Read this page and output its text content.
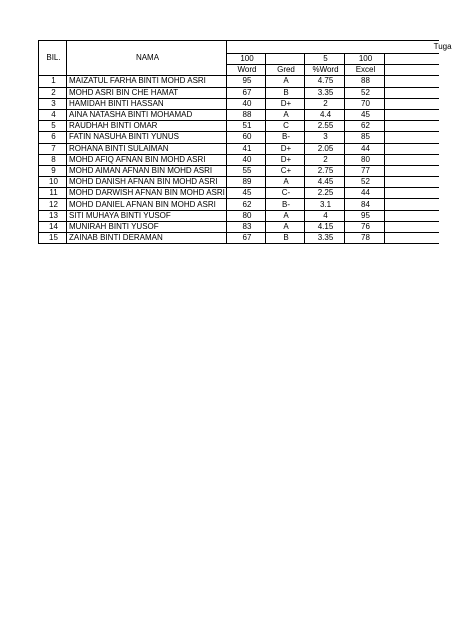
BIL.	NAMA	Tuga				
		100		5	100	
		Word	Gred	%Word	Excel	
1	MAIZATUL FARHA BINTI MOHD ASRI	95	A	4.75	88	
2	MOHD ASRI BIN CHE HAMAT	67	B	3.35	52	
3	HAMIDAH BINTI HASSAN	40	D+	2	70	
4	AINA NATASHA BINTI MOHAMAD	88	A	4.4	45	
5	RAUDHAH BINTI OMAR	51	C	2.55	62	
6	FATIN NASUHA BINTI YUNUS	60	B-	3	85	
7	ROHANA BINTI SULAIMAN	41	D+	2.05	44	
8	MOHD AFIQ AFNAN BIN MOHD ASRI	40	D+	2	80	
9	MOHD AIMAN AFNAN BIN MOHD ASRI	55	C+	2.75	77	
10	MOHD DANISH AFNAN BIN MOHD ASRI	89	A	4.45	52	
11	MOHD DARWISH AFNAN BIN MOHD ASRI	45	C-	2.25	44	
12	MOHD DANIEL AFNAN BIN MOHD ASRI	62	B-	3.1	84	
13	SITI MUHAYA BINTI YUSOF	80	A	4	95	
14	MUNIRAH BINTI YUSOF	83	A	4.15	76	
15	ZAINAB BINTI DERAMAN	67	B	3.35	78	
